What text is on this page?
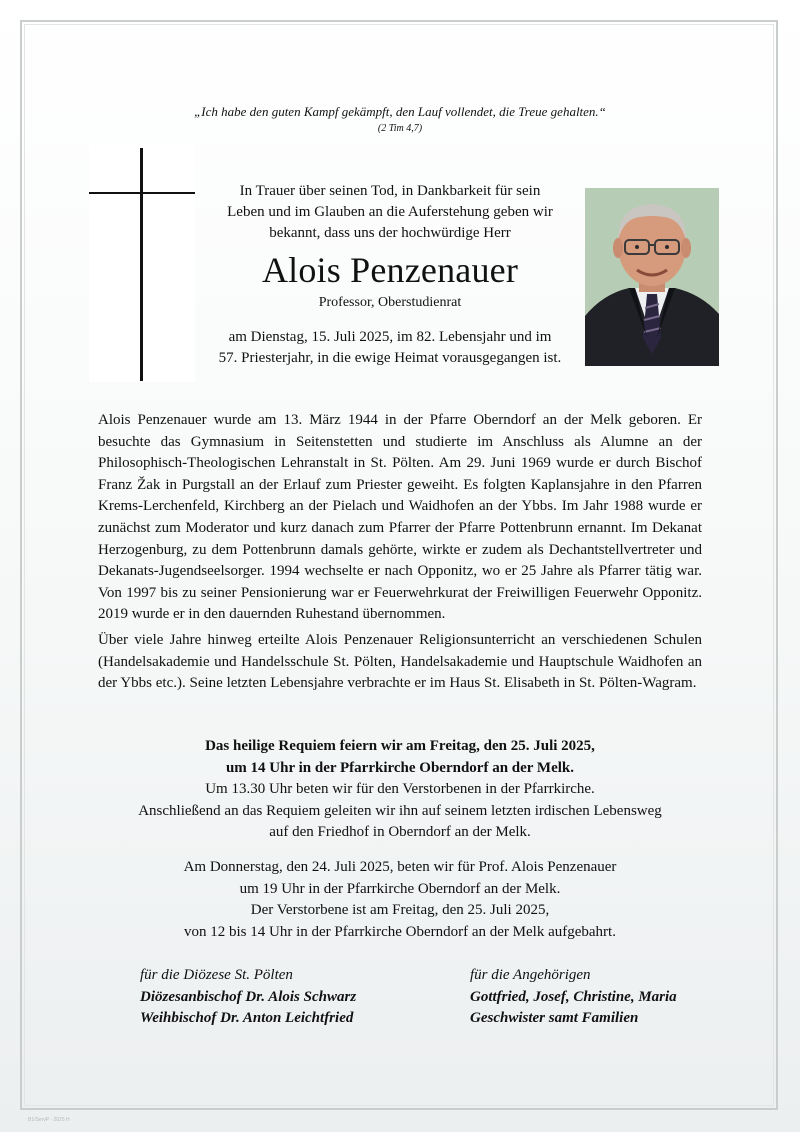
„Ich habe den guten Kampf gekämpft, den Lauf vollendet, die Treue gehalten.“
(2 Tim 4,7)
In Trauer über seinen Tod, in Dankbarkeit für sein
Leben und im Glauben an die Auferstehung geben wir
bekannt, dass uns der hochwürdige Herr
Alois Penzenauer
Professor, Oberstudienrat
am Dienstag, 15. Juli 2025, im 82. Lebensjahr und im
57. Priesterjahr, in die ewige Heimat vorausgegangen ist.

Alois Penzenauer wurde am 13. März 1944 in der Pfarre Oberndorf an der Melk geboren. Er besuchte das Gymnasium in Seitenstetten und studierte im Anschluss als Alumne an der Philosophisch-Theologischen Lehranstalt in St. Pölten. Am 29. Juni 1969 wurde er durch Bischof Franz Žak in Purgstall an der Erlauf zum Priester geweiht. Es folgten Kaplansjahre in den Pfarren Krems-Lerchenfeld, Kirchberg an der Pielach und Waidhofen an der Ybbs. Im Jahr 1988 wurde er zunächst zum Moderator und kurz danach zum Pfarrer der Pfarre Pottenbrunn ernannt. Im Dekanat Herzogenburg, zu dem Pottenbrunn damals gehörte, wirkte er zudem als Dechantstellvertreter und Dekanats-Jugendseelsorger. 1994 wechselte er nach Opponitz, wo er 25 Jahre als Pfarrer tätig war. Von 1997 bis zu seiner Pensionierung war er Feuerwehrkurat der Freiwilligen Feuerwehr Opponitz. 2019 wurde er in den dauernden Ruhestand übernommen.

Über viele Jahre hinweg erteilte Alois Penzenauer Religionsunterricht an verschiedenen Schulen (Handelsakademie und Handelsschule St. Pölten, Handelsakademie und Hauptschule Waidhofen an der Ybbs etc.). Seine letzten Lebensjahre verbrachte er im Haus St. Elisabeth in St. Pölten-Wagram.

Das heilige Requiem feiern wir am Freitag, den 25. Juli 2025,
um 14 Uhr in der Pfarrkirche Oberndorf an der Melk.
Um 13.30 Uhr beten wir für den Verstorbenen in der Pfarrkirche.
Anschließend an das Requiem geleiten wir ihn auf seinem letzten irdischen Lebensweg
auf den Friedhof in Oberndorf an der Melk.
Am Donnerstag, den 24. Juli 2025, beten wir für Prof. Alois Penzenauer
um 19 Uhr in der Pfarrkirche Oberndorf an der Melk.
Der Verstorbene ist am Freitag, den 25. Juli 2025,
von 12 bis 14 Uhr in der Pfarrkirche Oberndorf an der Melk aufgebahrt.
für die Diözese St. Pölten
Diözesanbischof Dr. Alois Schwarz
Weihbischof Dr. Anton Leichtfried
für die Angehörigen
Gottfried, Josef, Christine, Maria
Geschwister samt Familien
B1/ServP · 2025 H
